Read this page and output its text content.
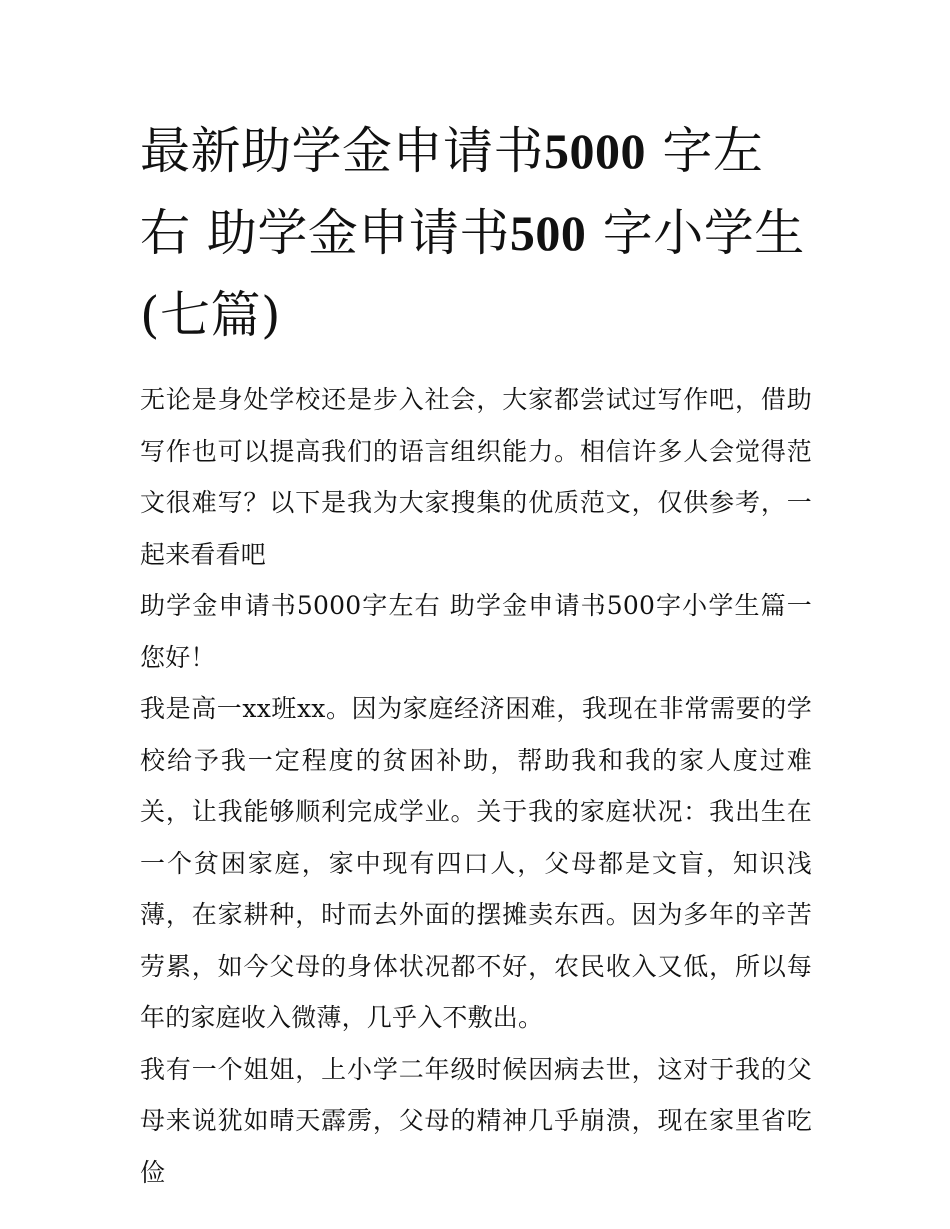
最新助学金申请书5000 字左右 助学金申请书500 字小学生(七篇)

无论是身处学校还是步入社会，大家都尝试过写作吧，借助写作也可以提高我们的语言组织能力。相信许多人会觉得范文很难写？以下是我为大家搜集的优质范文，仅供参考，一起来看看吧

助学金申请书5000字左右 助学金申请书500字小学生篇一 您好！

我是高一xx班xx。因为家庭经济困难，我现在非常需要的学校给予我一定程度的贫困补助，帮助我和我的家人度过难关，让我能够顺利完成学业。关于我的家庭状况：我出生在一个贫困家庭，家中现有四口人，父母都是文盲，知识浅薄，在家耕种，时而去外面的摆摊卖东西。因为多年的辛苦劳累，如今父母的身体状况都不好，农民收入又低，所以每年的家庭收入微薄，几乎入不敷出。

我有一个姐姐，上小学二年级时候因病去世，这对于我的父母来说犹如晴天霹雳，父母的精神几乎崩溃，现在家里省吃俭
